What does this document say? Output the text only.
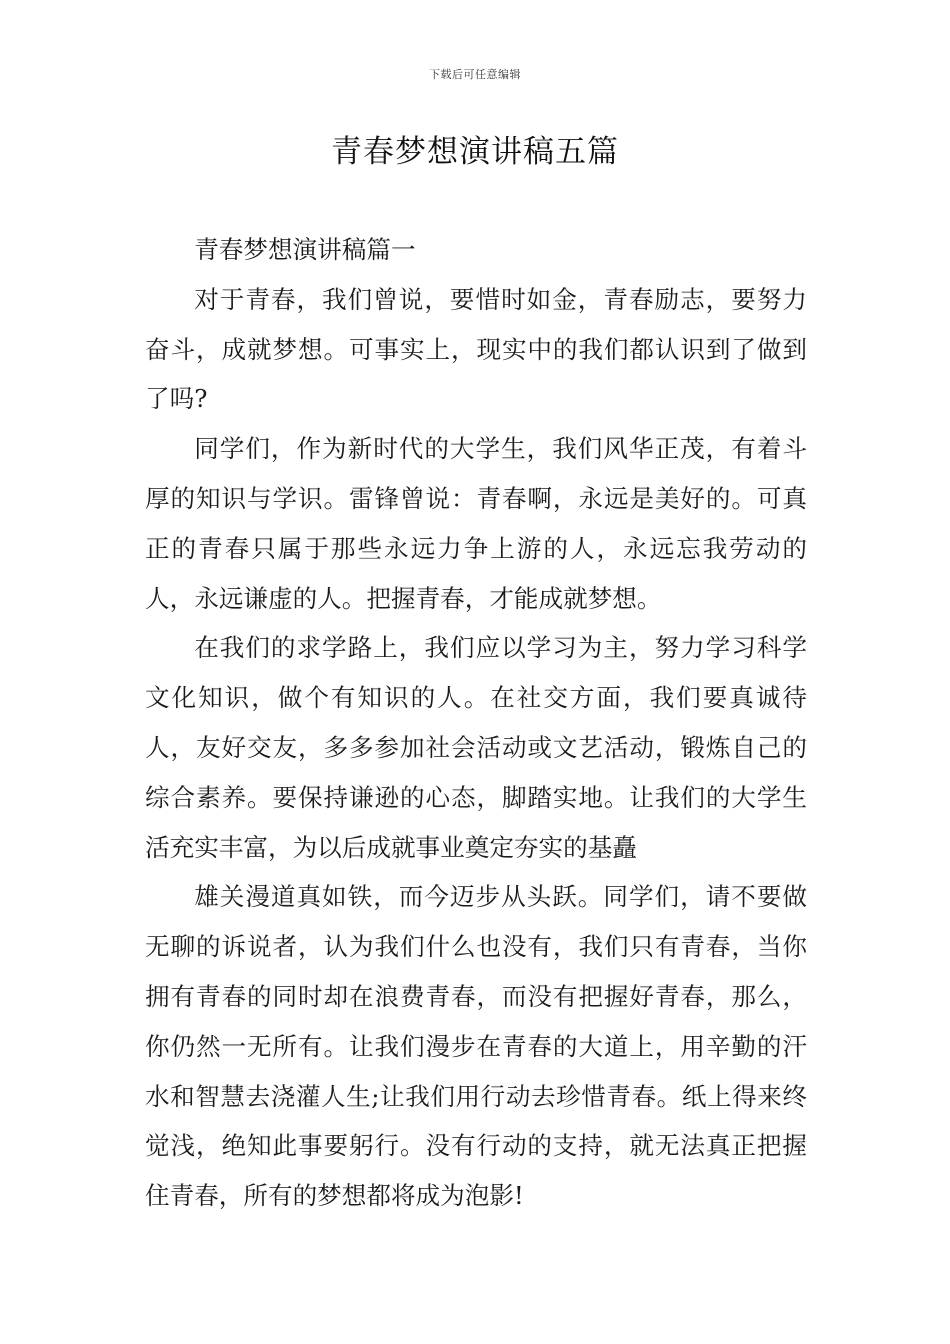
下载后可任意编辑
青春梦想演讲稿五篇

青春梦想演讲稿篇一

对于青春，我们曾说，要惜时如金，青春励志，要努力奋斗，成就梦想。可事实上，现实中的我们都认识到了做到了吗?

同学们，作为新时代的大学生，我们风华正茂，有着斗厚的知识与学识。雷锋曾说：青春啊，永远是美好的。可真正的青春只属于那些永远力争上游的人，永远忘我劳动的人，永远谦虚的人。把握青春，才能成就梦想。

在我们的求学路上，我们应以学习为主，努力学习科学文化知识，做个有知识的人。在社交方面，我们要真诚待人，友好交友，多多参加社会活动或文艺活动，锻炼自己的综合素养。要保持谦逊的心态，脚踏实地。让我们的大学生活充实丰富，为以后成就事业奠定夯实的基矗

雄关漫道真如铁，而今迈步从头跃。同学们，请不要做无聊的诉说者，认为我们什么也没有，我们只有青春，当你拥有青春的同时却在浪费青春，而没有把握好青春，那么，你仍然一无所有。让我们漫步在青春的大道上，用辛勤的汗水和智慧去浇灌人生;让我们用行动去珍惜青春。纸上得来终觉浅，绝知此事要躬行。没有行动的支持，就无法真正把握住青春，所有的梦想都将成为泡影!
